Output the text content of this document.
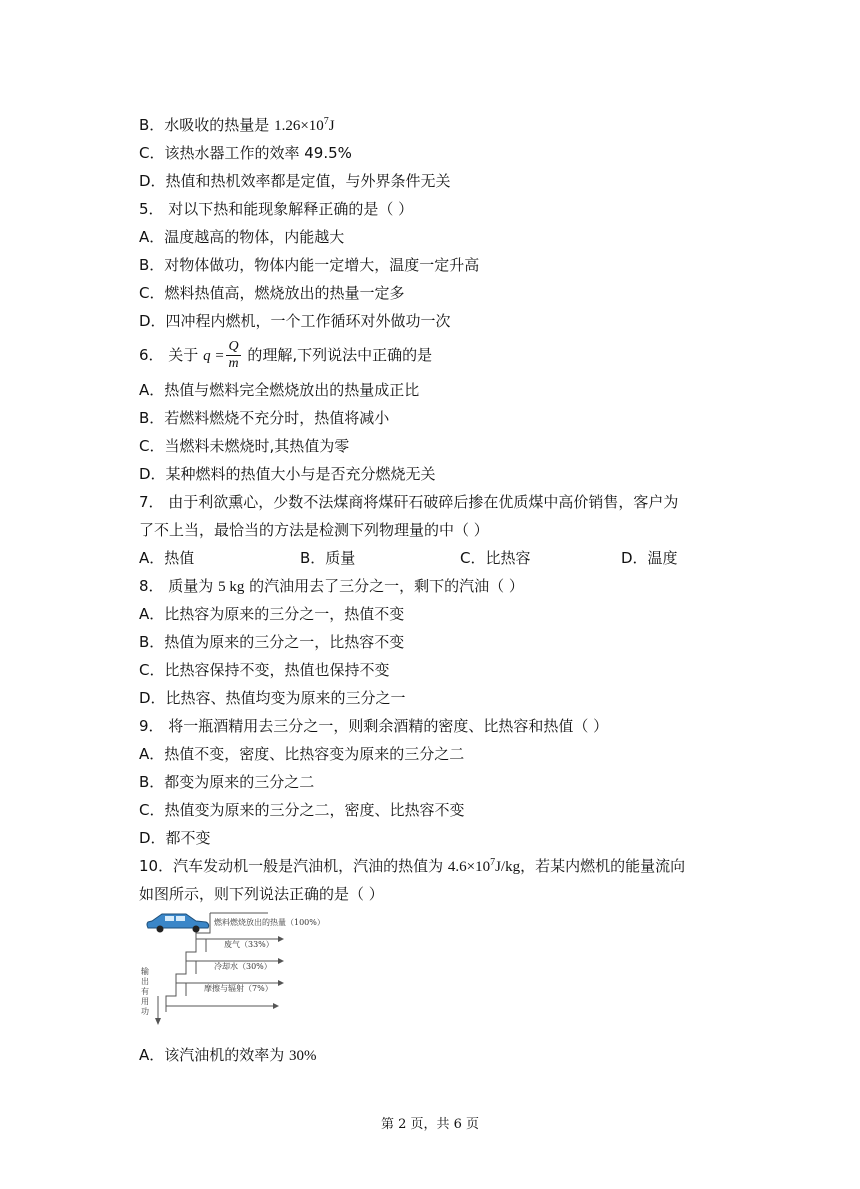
B．水吸收的热量是 $1.26\times 10^7J$
C．该热水器工作的效率 49.5%
D．热值和热机效率都是定值，与外界条件无关
5． 对以下热和能现象解释正确的是（ ）
A．温度越高的物体，内能越大
B．对物体做功，物体内能一定增大，温度一定升高
C．燃料热值高，燃烧放出的热量一定多
D．四冲程内燃机，一个工作循环对外做功一次
6． 关于 $q = \frac{Q}{m}$ 的理解,下列说法中正确的是
A．热值与燃料完全燃烧放出的热量成正比
B．若燃料燃烧不充分时，热值将减小
C．当燃料未燃烧时,其热值为零
D．某种燃料的热值大小与是否充分燃烧无关
7． 由于利欲熏心，少数不法煤商将煤矸石破碎后掺在优质煤中高价销售，客户为
了不上当，最恰当的方法是检测下列物理量的中（ ）
A．热值	B．质量	C．比热容	D．温度
8． 质量为 5 kg 的汽油用去了三分之一，剩下的汽油（ ）
A．比热容为原来的三分之一，热值不变
B．热值为原来的三分之一，比热容不变
C．比热容保持不变，热值也保持不变
D．比热容、热值均变为原来的三分之一
9． 将一瓶酒精用去三分之一，则剩余酒精的密度、比热容和热值（ ）
A．热值不变，密度、比热容变为原来的三分之二
B．都变为原来的三分之二
C．热值变为原来的三分之二，密度、比热容不变
D．都不变
10．汽车发动机一般是汽油机，汽油的热值为 $4.6\times 10^7J/kg$，若某内燃机的能量流向
如图所示，则下列说法正确的是（ ）
燃料燃烧放出的热量（100%）
废气（33%）
冷却水（30%）
摩擦与辐射（7%）
输
出
有
用
功
A．该汽油机的效率为 30%
第 2 页，共 6 页
